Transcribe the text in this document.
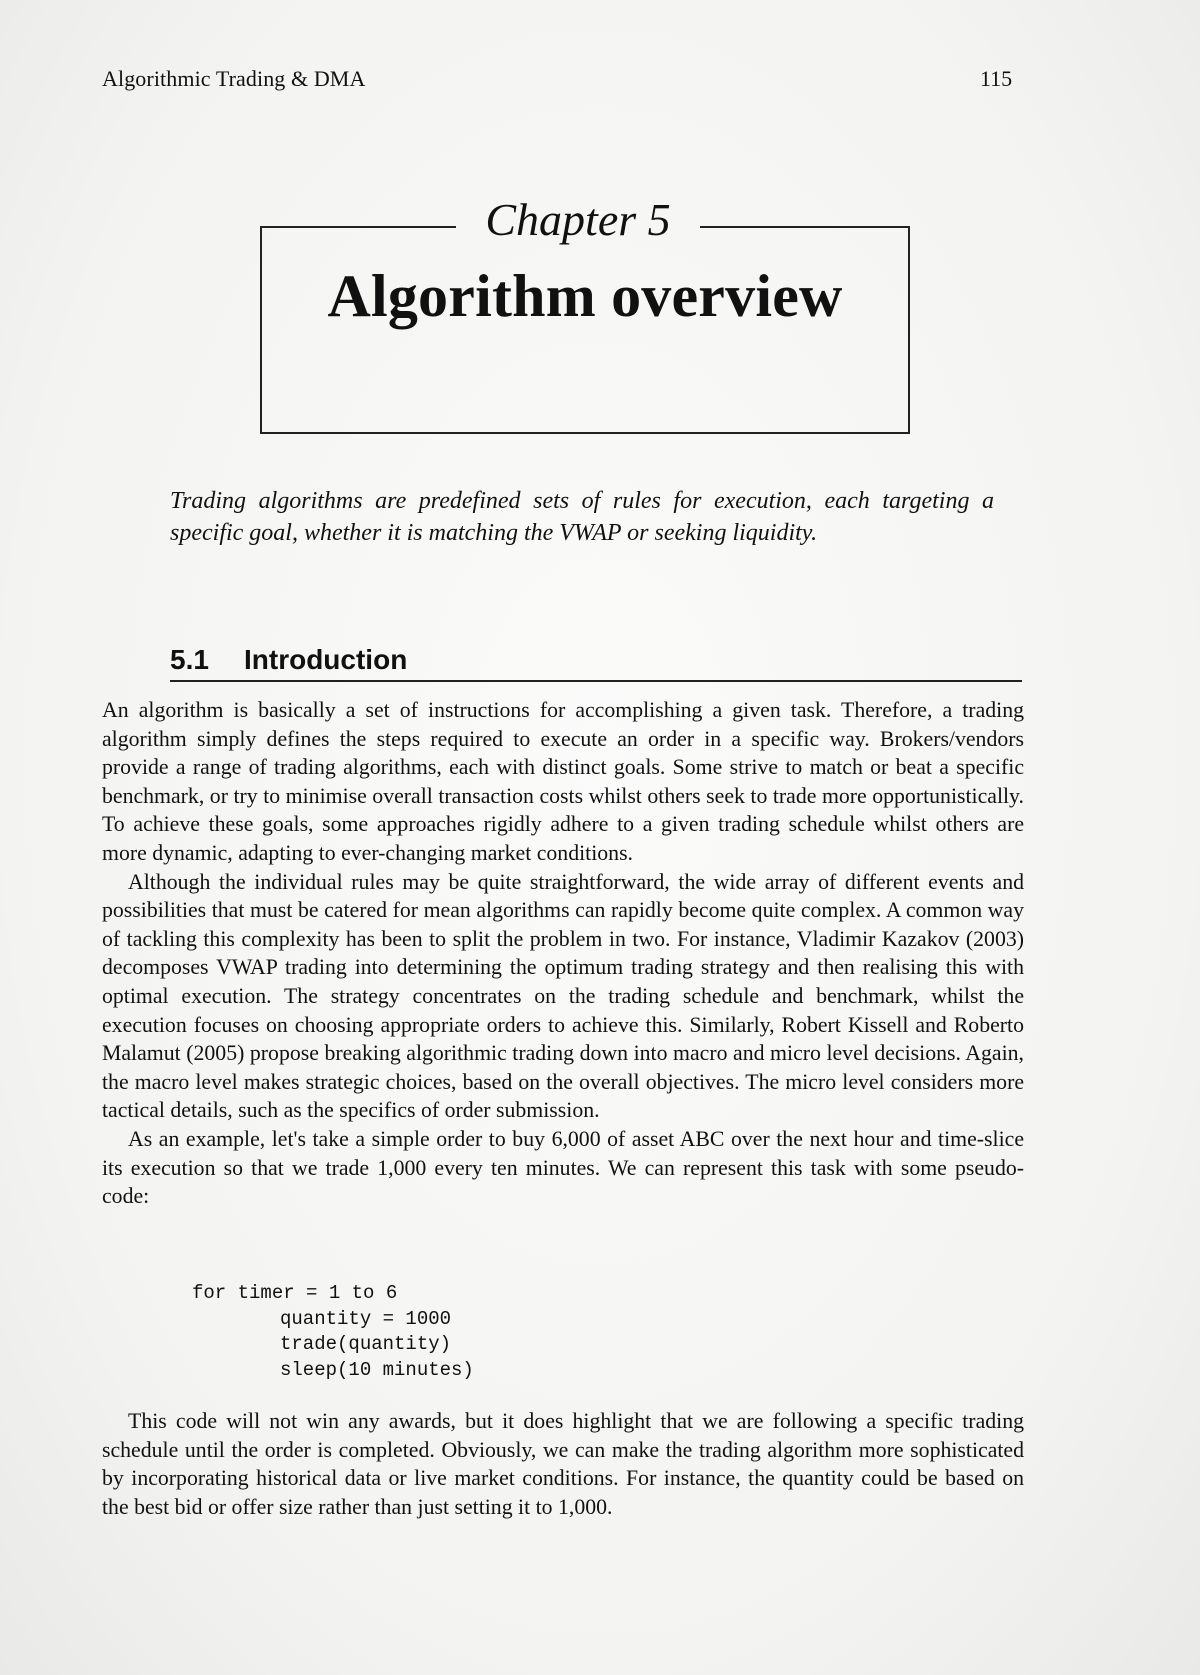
Algorithmic Trading & DMA	115
Chapter 5
Algorithm overview
Trading algorithms are predefined sets of rules for execution, each targeting a specific goal, whether it is matching the VWAP or seeking liquidity.
5.1 Introduction

An algorithm is basically a set of instructions for accomplishing a given task. Therefore, a trading algorithm simply defines the steps required to execute an order in a specific way. Brokers/vendors provide a range of trading algorithms, each with distinct goals. Some strive to match or beat a specific benchmark, or try to minimise overall transaction costs whilst others seek to trade more opportunistically. To achieve these goals, some approaches rigidly adhere to a given trading schedule whilst others are more dynamic, adapting to ever-changing market conditions.

Although the individual rules may be quite straightforward, the wide array of different events and possibilities that must be catered for mean algorithms can rapidly become quite complex. A common way of tackling this complexity has been to split the problem in two. For instance, Vladimir Kazakov (2003) decomposes VWAP trading into determining the optimum trading strategy and then realising this with optimal execution. The strategy concentrates on the trading schedule and benchmark, whilst the execution focuses on choosing appropriate orders to achieve this. Similarly, Robert Kissell and Roberto Malamut (2005) propose breaking algorithmic trading down into macro and micro level decisions. Again, the macro level makes strategic choices, based on the overall objectives. The micro level considers more tactical details, such as the specifics of order submission.

As an example, let's take a simple order to buy 6,000 of asset ABC over the next hour and time-slice its execution so that we trade 1,000 every ten minutes. We can represent this task with some pseudo-code:

for timer = 1 to 6
quantity = 1000
trade(quantity)
sleep(10 minutes)

This code will not win any awards, but it does highlight that we are following a specific trading schedule until the order is completed. Obviously, we can make the trading algorithm more sophisticated by incorporating historical data or live market conditions. For instance, the quantity could be based on the best bid or offer size rather than just setting it to 1,000.
